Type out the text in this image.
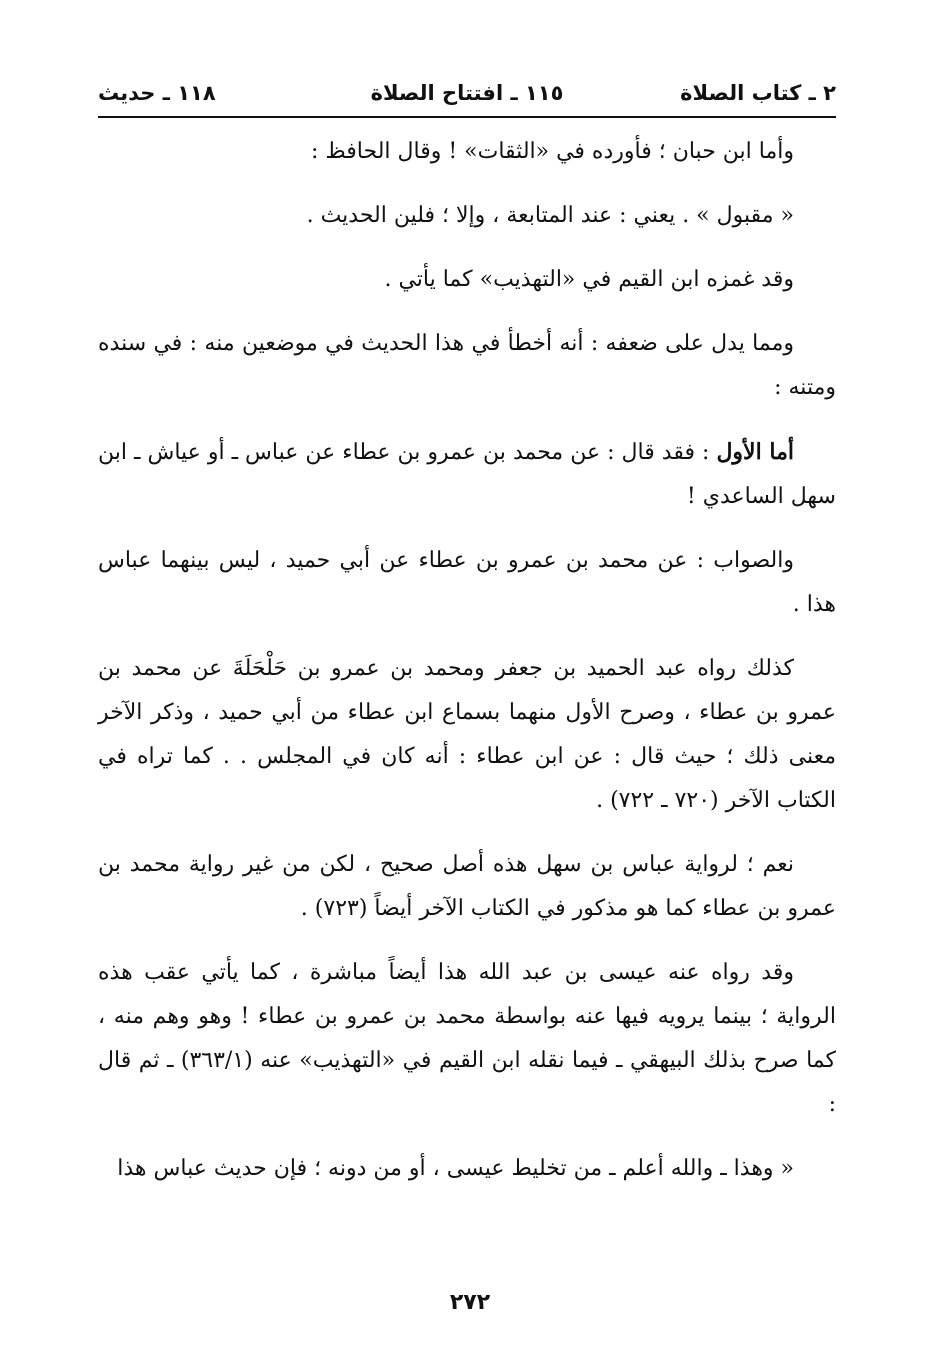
٢ ـ كتاب الصلاة
١١٥ ـ افتتاح الصلاة
١١٨ ـ حديث

وأما ابن حبان ؛ فأورده في «الثقات» ! وقال الحافظ :

« مقبول » . يعني : عند المتابعة ، وإلا ؛ فلين الحديث .

وقد غمزه ابن القيم في «التهذيب» كما يأتي .

ومما يدل على ضعفه : أنه أخطأ في هذا الحديث في موضعين منه : في سنده ومتنه :

أما الأول : فقد قال : عن محمد بن عمرو بن عطاء عن عباس ـ أو عياش ـ ابن سهل الساعدي !

والصواب : عن محمد بن عمرو بن عطاء عن أبي حميد ، ليس بينهما عباس هذا .

كذلك رواه عبد الحميد بن جعفر ومحمد بن عمرو بن حَلْحَلَةَ عن محمد بن عمرو بن عطاء ، وصرح الأول منهما بسماع ابن عطاء من أبي حميد ، وذكر الآخر معنى ذلك ؛ حيث قال : عن ابن عطاء : أنه كان في المجلس . . كما تراه في الكتاب الآخر (٧٢٠ ـ ٧٢٢) .

نعم ؛ لرواية عباس بن سهل هذه أصل صحيح ، لكن من غير رواية محمد بن عمرو بن عطاء كما هو مذكور في الكتاب الآخر أيضاً (٧٢٣) .

وقد رواه عنه عيسى بن عبد الله هذا أيضاً مباشرة ، كما يأتي عقب هذه الرواية ؛ بينما يرويه فيها عنه بواسطة محمد بن عمرو بن عطاء ! وهو وهم منه ، كما صرح بذلك البيهقي ـ فيما نقله ابن القيم في «التهذيب» عنه (٣٦٣/١) ـ ثم قال :

« وهذا ـ والله أعلم ـ من تخليط عيسى ، أو من دونه ؛ فإن حديث عباس هذا

٢٧٢
